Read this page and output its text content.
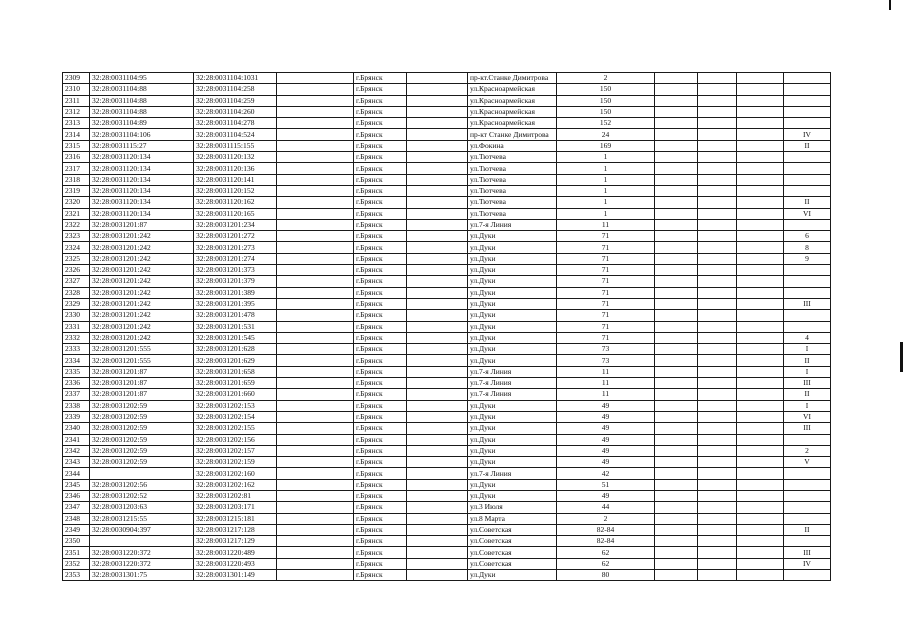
2309	32:28:0031104:95	32:28:0031104:1031		г.Брянск		пр-кт.Станке Димитрова	2				
2310	32:28:0031104:88	32:28:0031104:258		г.Брянск		ул.Красноармейская	150				
2311	32:28:0031104:88	32:28:0031104:259		г.Брянск		ул.Красноармейская	150				
2312	32:28:0031104:88	32:28:0031104:260		г.Брянск		ул.Красноармейская	150				
2313	32:28:0031104:89	32:28:0031104:278		г.Брянск		ул.Красноармейская	152				
2314	32:28:0031104:106	32:28:0031104:524		г.Брянск		пр-кт Станке Димитрова	24				IV
2315	32:28:0031115:27	32:28:0031115:155		г.Брянск		ул.Фокина	169				II
2316	32:28:0031120:134	32:28:0031120:132		г.Брянск		ул.Тютчева	1				
2317	32:28:0031120:134	32:28:0031120:136		г.Брянск		ул.Тютчева	1				
2318	32:28:0031120:134	32:28:0031120:141		г.Брянск		ул.Тютчева	1				
2319	32:28:0031120:134	32:28:0031120:152		г.Брянск		ул.Тютчева	1				
2320	32:28:0031120:134	32:28:0031120:162		г.Брянск		ул.Тютчева	1				II
2321	32:28:0031120:134	32:28:0031120:165		г.Брянск		ул.Тютчева	1				VI
2322	32:28:0031201:87	32:28:0031201:234		г.Брянск		ул.7-я Линия	11				
2323	32:28:0031201:242	32:28:0031201:272		г.Брянск		ул.Дуки	71				6
2324	32:28:0031201:242	32:28:0031201:273		г.Брянск		ул.Дуки	71				8
2325	32:28:0031201:242	32:28:0031201:274		г.Брянск		ул.Дуки	71				9
2326	32:28:0031201:242	32:28:0031201:373		г.Брянск		ул.Дуки	71				
2327	32:28:0031201:242	32:28:0031201:379		г.Брянск		ул.Дуки	71				
2328	32:28:0031201:242	32:28:0031201:389		г.Брянск		ул.Дуки	71				
2329	32:28:0031201:242	32:28:0031201:395		г.Брянск		ул.Дуки	71				III
2330	32:28:0031201:242	32:28:0031201:478		г.Брянск		ул.Дуки	71				
2331	32:28:0031201:242	32:28:0031201:531		г.Брянск		ул.Дуки	71				
2332	32:28:0031201:242	32:28:0031201:545		г.Брянск		ул.Дуки	71				4
2333	32:28:0031201:555	32:28:0031201:628		г.Брянск		ул.Дуки	73				I
2334	32:28:0031201:555	32:28:0031201:629		г.Брянск		ул.Дуки	73				II
2335	32:28:0031201:87	32:28:0031201:658		г.Брянск		ул.7-я Линия	11				I
2336	32:28:0031201:87	32:28:0031201:659		г.Брянск		ул.7-я Линия	11				III
2337	32:28:0031201:87	32:28:0031201:660		г.Брянск		ул.7-я Линия	11				II
2338	32:28:0031202:59	32:28:0031202:153		г.Брянск		ул.Дуки	49				I
2339	32:28:0031202:59	32:28:0031202:154		г.Брянск		ул.Дуки	49				VI
2340	32:28:0031202:59	32:28:0031202:155		г.Брянск		ул.Дуки	49				III
2341	32:28:0031202:59	32:28:0031202:156		г.Брянск		ул.Дуки	49				
2342	32:28:0031202:59	32:28:0031202:157		г.Брянск		ул.Дуки	49				2
2343	32:28:0031202:59	32:28:0031202:159		г.Брянск		ул.Дуки	49				V
2344		32:28:0031202:160		г.Брянск		ул.7-я Линия	42				
2345	32:28:0031202:56	32:28:0031202:162		г.Брянск		ул.Дуки	51				
2346	32:28:0031202:52	32:28:0031202:81		г.Брянск		ул.Дуки	49				
2347	32:28:0031203:63	32:28:0031203:171		г.Брянск		ул.3 Июля	44				
2348	32:28:0031215:55	32:28:0031215:181		г.Брянск		ул.8 Марта	2				
2349	32:28:0030904:397	32:28:0031217:128		г.Брянск		ул.Советская	82-84				II
2350		32:28:0031217:129		г.Брянск		ул.Советская	82-84				
2351	32:28:0031220:372	32:28:0031220:489		г.Брянск		ул.Советская	62				III
2352	32:28:0031220:372	32:28:0031220:493		г.Брянск		ул.Советская	62				IV
2353	32:28:0031301:75	32:28:0031301:149		г.Брянск		ул.Дуки	80				
